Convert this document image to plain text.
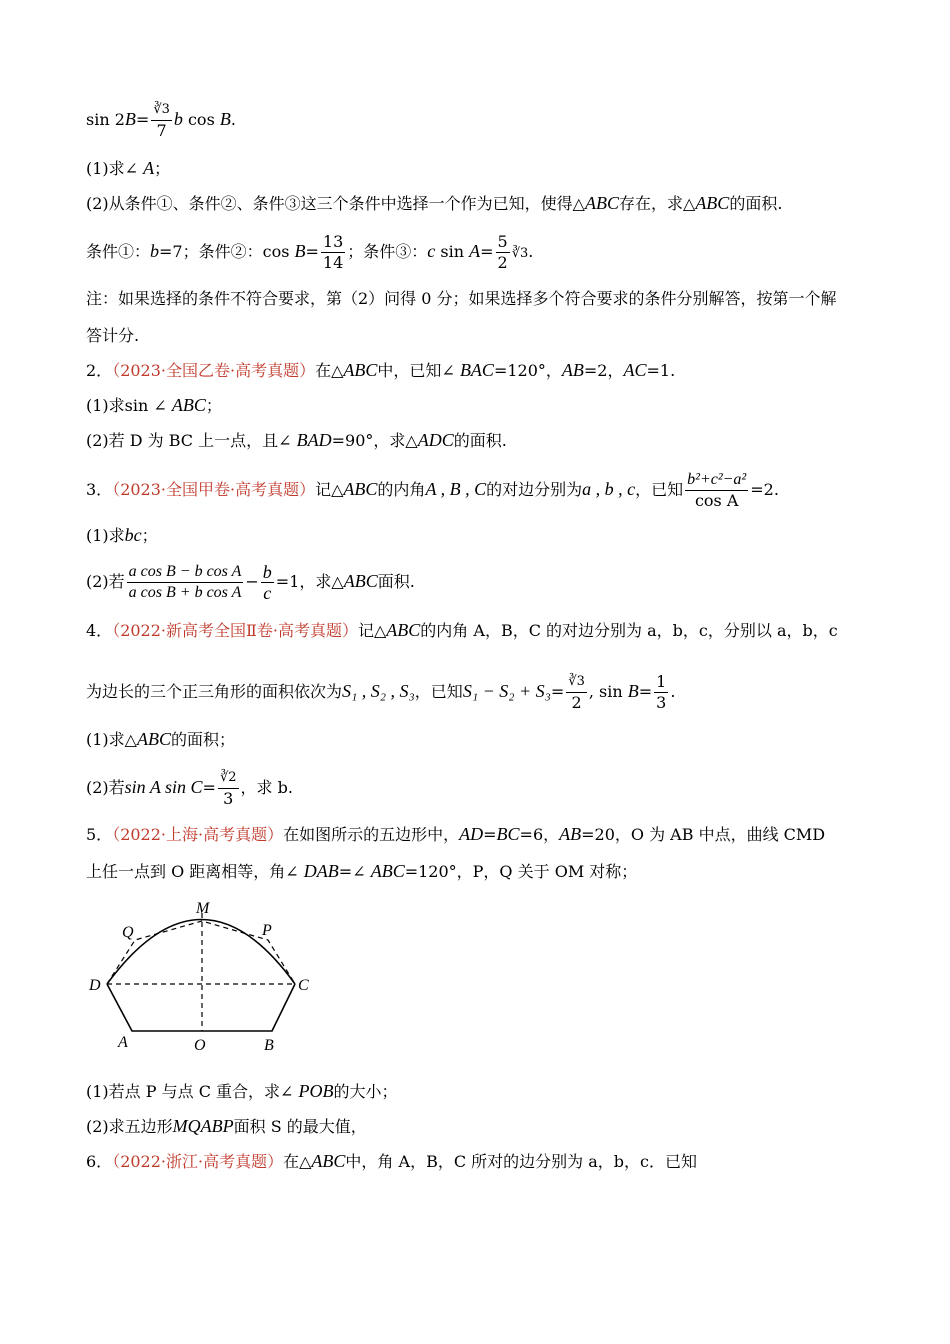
$\sin 2B= \frac{∛3}{7}$ b cos B.
(1)求∠ A；
(2)从条件①、条件②、条件③这三个条件中选择一个作为已知，使得△ABC存在，求△ABC的面积.
条件①：b=7；条件②：$\cos B= \frac{13}{14}$ ；条件③：c $\sin A= \frac{5}{2}$ ∛3.
注：如果选择的条件不符合要求，第（2）问得 0 分；如果选择多个符合要求的条件分别解答，按第一个解
答计分.
2．（2023·全国乙卷·高考真题）在△ABC中，已知∠ BAC=120°，AB=2，AC=1.
(1)求sin ∠ ABC；
(2)若 D 为 BC 上一点，且∠ BAD=90°，求△ADC的面积.
3．（2023·全国甲卷·高考真题）记△ABC的内角A , B , C的对边分别为a , b , c，已知 $\frac{\text{b²+c²−a²}}{\text{cos A}} =2$.
(1)求bc；
(2)若 $\frac{\text{a cos B − b cos A}}{\text{a cos B + b cos A}} - \frac{b}{c} =1$，求△ABC面积.
4．（2022·新高考全国Ⅱ卷·高考真题）记△ABC的内角 A，B，C 的对边分别为 a，b，c，分别以 a，b，c
为边长的三个正三角形的面积依次为S₁ , S₂ , S₃，已知$S_1 - S_2 + S_3= \frac{∛3}{2}$ , $\sin B= \frac{1}{3}$ .
(1)求△ABC的面积；
(2)若sin A $\sin C= \frac{∛2}{3}$ ，求 b.
5．（2022·上海·高考真题）在如图所示的五边形中，AD=BC=6，AB=20，O 为 AB 中点，曲线 CMD
上任一点到 O 距离相等，角∠ DAB=∠ ABC=120°，P，Q 关于 OM 对称；
M
Q	P
D	C
A	O	B
(1)若点 P 与点 C 重合，求∠ POB的大小；
(2)求五边形MQABP面积 S 的最大值，
6．（2022·浙江·高考真题）在△ABC中，角 A，B，C 所对的边分别为 a，b，c．已知
